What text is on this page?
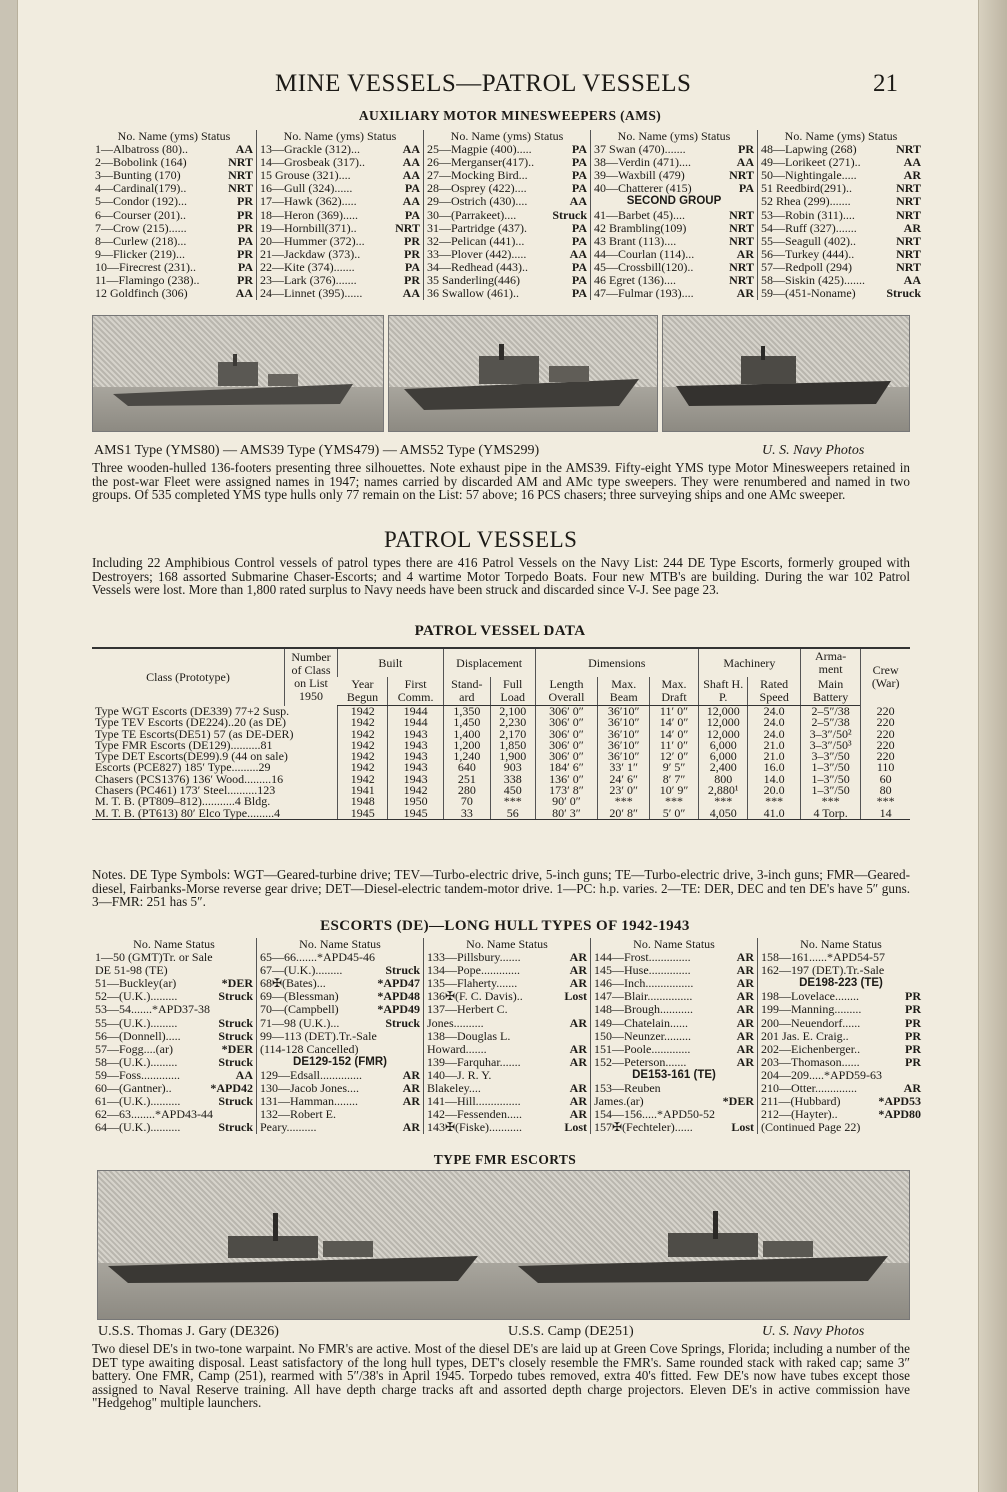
MINE VESSELS—PATROL VESSELS	21
AUXILIARY MOTOR MINESWEEPERS (AMS)
No. Name (yms) Status
1—Albatross (80)..	AA
2—Bobolink (164)	NRT
3—Bunting (170)	NRT
4—Cardinal(179)..	NRT
5—Condor (192)...	PR
6—Courser (201)..	PR
7—Crow (215)......	PR
8—Curlew (218)...	PA
9—Flicker (219)...	PR
10—Firecrest (231)..	PA
11—Flamingo (238)..	PR
12 Goldfinch (306)	AA
No. Name (yms) Status
13—Grackle (312)...	AA
14—Grosbeak (317)..	AA
15 Grouse (321)....	AA
16—Gull (324)......	PA
17—Hawk (362).....	AA
18—Heron (369).....	PA
19—Hornbill(371)..	NRT
20—Hummer (372)...	PR
21—Jackdaw (373)..	PR
22—Kite (374).......	PA
23—Lark (376).......	PR
24—Linnet (395)......	AA
No. Name (yms) Status
25—Magpie (400).....	PA
26—Merganser(417)..	PA
27—Mocking Bird...	PA
28—Osprey (422)....	PA
29—Ostrich (430)....	AA
30—(Parrakeet)....	Struck
31—Partridge (437).	PA
32—Pelican (441)...	PA
33—Plover (442).....	AA
34—Redhead (443)..	PA
35 Sanderling(446)	PA
36 Swallow (461)..	PA
No. Name (yms) Status
37 Swan (470).......	PR
38—Verdin (471)....	AA
39—Waxbill (479)	NRT
40—Chatterer (415)	PA
SECOND GROUP
41—Barbet (45)....	NRT
42 Brambling(109)	NRT
43 Brant (113)....	NRT
44—Courlan (114)...	AR
45—Crossbill(120)..	NRT
46 Egret (136)....	NRT
47—Fulmar (193)....	AR
No. Name (yms) Status
48—Lapwing (268)	NRT
49—Lorikeet (271)..	AA
50—Nightingale.....	AR
51 Reedbird(291)..	NRT
52 Rhea (299).......	NRT
53—Robin (311)....	NRT
54—Ruff (327).......	AR
55—Seagull (402)..	NRT
56—Turkey (444)..	NRT
57—Redpoll (294)	NRT
58—Siskin (425).......	AA
59—(451-Noname)	Struck
AMS1 Type (YMS80) — AMS39 Type (YMS479) — AMS52 Type (YMS299)	U. S. Navy Photos
Three wooden-hulled 136-footers presenting three silhouettes. Note exhaust pipe in the AMS39. Fifty-eight YMS type Motor Minesweepers retained in the post-war Fleet were assigned names in 1947; names carried by discarded AM and AMc type sweepers. They were renumbered and named in two groups. Of 535 completed YMS type hulls only 77 remain on the List: 57 above; 16 PCS chasers; three surveying ships and one AMc sweeper.
PATROL VESSELS
Including 22 Amphibious Control vessels of patrol types there are 416 Patrol Vessels on the Navy List: 244 DE Type Escorts, formerly grouped with Destroyers; 168 assorted Submarine Chaser-Escorts; and 4 wartime Motor Torpedo Boats. Four new MTB's are building. During the war 102 Patrol Vessels were lost. More than 1,800 rated surplus to Navy needs have been struck and discarded since V-J. See page 23.
PATROL VESSEL DATA
Class (Prototype)	Number of Class on List 1950	Built		Displacement		Dimensions			Machinery		Arma- ment	Crew (War)
		Year Begun	First Comm.	Stand- ard	Full Load	Length Overall	Max. Beam	Max. Draft	Shaft H. P.	Rated Speed	Main Battery	
Type WGT Escorts (DE339) 77+2 Susp.		1942	1944	1,350	2,100	306′ 0″	36′10″	11′ 0″	12,000	24.0	2–5″/38	220
Type TEV Escorts (DE224)..20 (as DE)		1942	1944	1,450	2,230	306′ 0″	36′10″	14′ 0″	12,000	24.0	2–5″/38	220
Type TE Escorts(DE51) 57 (as DE-DER)		1942	1943	1,400	2,170	306′ 0″	36′10″	14′ 0″	12,000	24.0	3–3″/50²	220
Type FMR Escorts (DE129)..........81		1942	1943	1,200	1,850	306′ 0″	36′10″	11′ 0″	6,000	21.0	3–3″/50³	220
Type DET Escorts(DE99).9 (44 on sale)		1942	1943	1,240	1,900	306′ 0″	36′10″	12′ 0″	6,000	21.0	3–3″/50	220
Escorts (PCE827) 185′ Type.........29		1942	1943	640	903	184′ 6″	33′ 1″	9′ 5″	2,400	16.0	1–3″/50	110
Chasers (PCS1376) 136′ Wood.........16		1942	1943	251	338	136′ 0″	24′ 6″	8′ 7″	800	14.0	1–3″/50	60
Chasers (PC461) 173′ Steel..........123		1941	1942	280	450	173′ 8″	23′ 0″	10′ 9″	2,880¹	20.0	1–3″/50	80
M. T. B. (PT809–812)...........4 Bldg.		1948	1950	70	***	90′ 0″	***	***	***	***	***	***
M. T. B. (PT613) 80′ Elco Type.........4		1945	1945	33	56	80′ 3″	20′ 8″	5′ 0″	4,050	41.0	4 Torp.	14
Notes. DE Type Symbols: WGT—Geared-turbine drive; TEV—Turbo-electric drive, 5-inch guns; TE—Turbo-electric drive, 3-inch guns; FMR—Geared-diesel, Fairbanks-Morse reverse gear drive; DET—Diesel-electric tandem-motor drive. 1—PC: h.p. varies. 2—TE: DER, DEC and ten DE's have 5″ guns. 3—FMR: 251 has 5″.
ESCORTS (DE)—LONG HULL TYPES OF 1942-1943
No. Name Status
1—50 (GMT)Tr. or Sale
DE 51-98 (TE)
51—Buckley(ar)	*DER
52—(U.K.).........	Struck
53—54.......*APD37-38
55—(U.K.).........	Struck
56—(Donnell).....	Struck
57—Fogg....(ar)	*DER
58—(U.K.).........	Struck
59—Foss.............	AA
60—(Gantner)..	*APD42
61—(U.K.)..........	Struck
62—63........*APD43-44
64—(U.K.)..........	Struck
No. Name Status
65—66.......*APD45-46
67—(U.K.).........	Struck
68✠(Bates)...	*APD47
69—(Blessman)	*APD48
70—(Campbell)	*APD49
71—98 (U.K.)...	Struck
99—113 (DET).Tr.-Sale
(114-128 Cancelled)
DE129-152 (FMR)
129—Edsall..............	AR
130—Jacob Jones....	AR
131—Hamman........	AR
132—Robert E.
Peary..........	AR
No. Name Status
133—Pillsbury.......	AR
134—Pope.............	AR
135—Flaherty.......	AR
136✠(F. C. Davis)..	Lost
137—Herbert C.
Jones..........	AR
138—Douglas L.
Howard.......	AR
139—Farquhar.......	AR
140—J. R. Y.
Blakeley....	AR
141—Hill...............	AR
142—Fessenden.....	AR
143✠(Fiske)...........	Lost
No. Name Status
144—Frost..............	AR
145—Huse..............	AR
146—Inch................	AR
147—Blair...............	AR
148—Brough...........	AR
149—Chatelain......	AR
150—Neunzer.........	AR
151—Poole.............	AR
152—Peterson.......	AR
DE153-161 (TE)
153—Reuben
James.(ar)	*DER
154—156.....*APD50-52
157✠(Fechteler)......	Lost
No. Name Status
158—161......*APD54-57
162—197 (DET).Tr.-Sale
DE198-223 (TE)
198—Lovelace........	PR
199—Manning.........	PR
200—Neuendorf......	PR
201 Jas. E. Craig..	PR
202—Eichenberger..	PR
203—Thomason......	PR
204—209.....*APD59-63
210—Otter..............	AR
211—(Hubbard)	*APD53
212—(Hayter)..	*APD80
(Continued Page 22)
TYPE FMR ESCORTS
U.S.S. Thomas J. Gary (DE326)	U.S.S. Camp (DE251)	U. S. Navy Photos
Two diesel DE's in two-tone warpaint. No FMR's are active. Most of the diesel DE's are laid up at Green Cove Springs, Florida; including a number of the DET type awaiting disposal. Least satisfactory of the long hull types, DET's closely resemble the FMR's. Same rounded stack with raked cap; same 3″ battery. One FMR, Camp (251), rearmed with 5″/38's in April 1945. Torpedo tubes removed, extra 40's fitted. Few DE's now have tubes except those assigned to Naval Reserve training. All have depth charge tracks aft and assorted depth charge projectors. Eleven DE's in active commission have "Hedgehog" multiple launchers.
